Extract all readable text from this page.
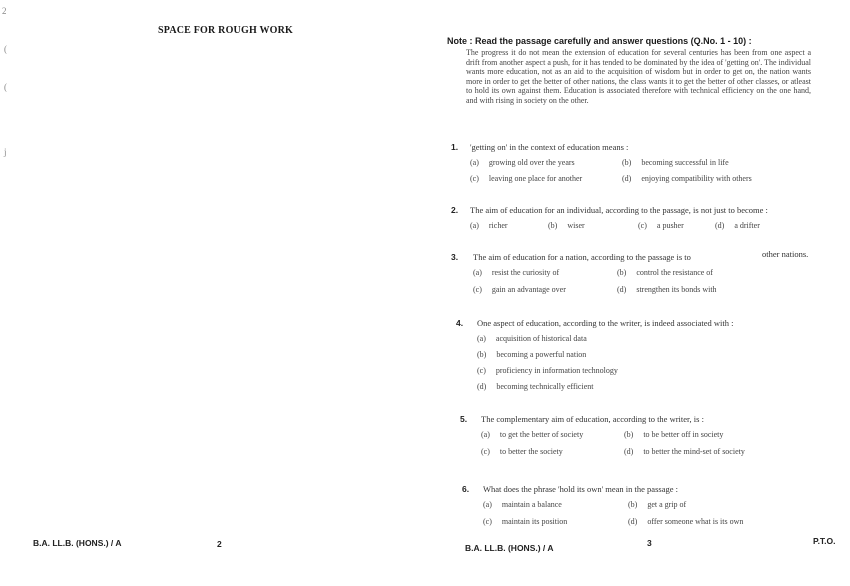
SPACE FOR ROUGH WORK
2
(
(
j
B.A. LL.B. (HONS.) / A	2
Note : Read the passage carefully and answer questions (Q.No. 1 - 10) :

The progress it do not mean the extension of education for several centuries has been from one aspect a drift from another aspect a push, for it has tended to be dominated by the idea of 'getting on'. The individual wants more education, not as an aid to the acquisition of wisdom but in order to get on, the nation wants more in order to get the better of other nations, the class wants it to get the better of other classes, or atleast to hold its own against them. Education is associated therefore with technical efficiency on the one hand, and with rising in society on the other.

1. 'getting on' in the context of education means :
(a) growing old over the years	(b) becoming successful in life
(c) leaving one place for another	(d) enjoying compatibility with others
2. The aim of education for an individual, according to the passage, is not just to become :
(a) richer	(b) wiser	(c) a pusher	(d) a drifter
3. The aim of education for a nation, according to the passage is to	other nations.
(a) resist the curiosity of	(b) control the resistance of
(c) gain an advantage over	(d) strengthen its bonds with
4. One aspect of education, according to the writer, is indeed associated with :
(a) acquisition of historical data
(b) becoming a powerful nation
(c) proficiency in information technology
(d) becoming technically efficient
5. The complementary aim of education, according to the writer, is :
(a) to get the better of society	(b) to be better off in society
(c) to better the society	(d) to better the mind-set of society
6. What does the phrase 'hold its own' mean in the passage :
(a) maintain a balance	(b) get a grip of
(c) maintain its position	(d) offer someone what is its own
B.A. LL.B. (HONS.) / A	3	P.T.O.
